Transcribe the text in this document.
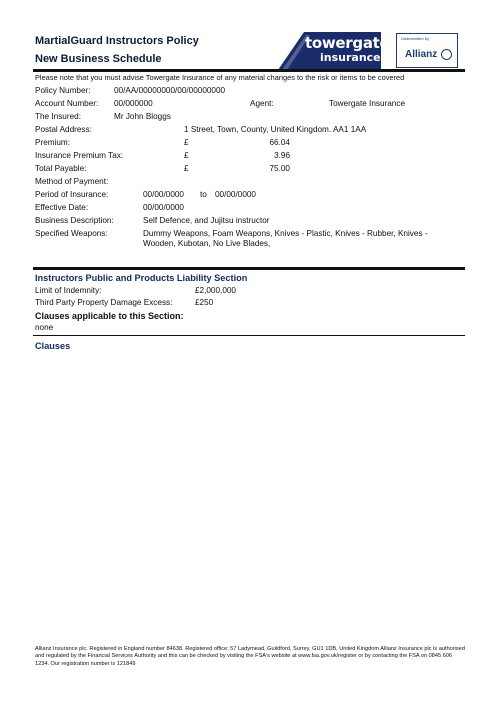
MartialGuard Instructors Policy
New Business Schedule
towergate
insurance
Underwritten by
Allianz
Please note that you must advise Towergate Insurance of any material changes to the risk or items to be covered
Policy Number:	00/AA/00000000/00/00000000
Account Number: 00/000000	Agent:	Towergate Insurance
The Insured:	Mr John Bloggs
Postal Address:	1 Street, Town, County, United Kingdom. AA1 1AA
Premium:	£	66.04
Insurance Premium Tax:	£	3.96
Total Payable:	£	75.00
Method of Payment:
Period of Insurance:	00/00/0000 to 00/00/0000
Effective Date:	00/00/0000
Business Description:	Self Defence, and Jujitsu instructor
Specified Weapons:	Dummy Weapons, Foam Weapons, Knives - Plastic, Knives - Rubber, Knives - Wooden, Kubotan, No Live Blades,
Instructors Public and Products Liability Section
Limit of Indemnity:	£2,000,000
Third Party Property Damage Excess:	£250
Clauses applicable to this Section:
none
Clauses
Allianz Insurance plc. Registered in England number 84638. Registered office: 57 Ladymead, Guildford, Surrey, GU1 1DB, United Kingdom Allianz Insurance plc is authorised and regulated by the Financial Services Authority and this can be checked by visiting the FSA's website at www.fsa.gov.uk/register or by contacting the FSA on 0845 606 1234. Our registration number is 121849
